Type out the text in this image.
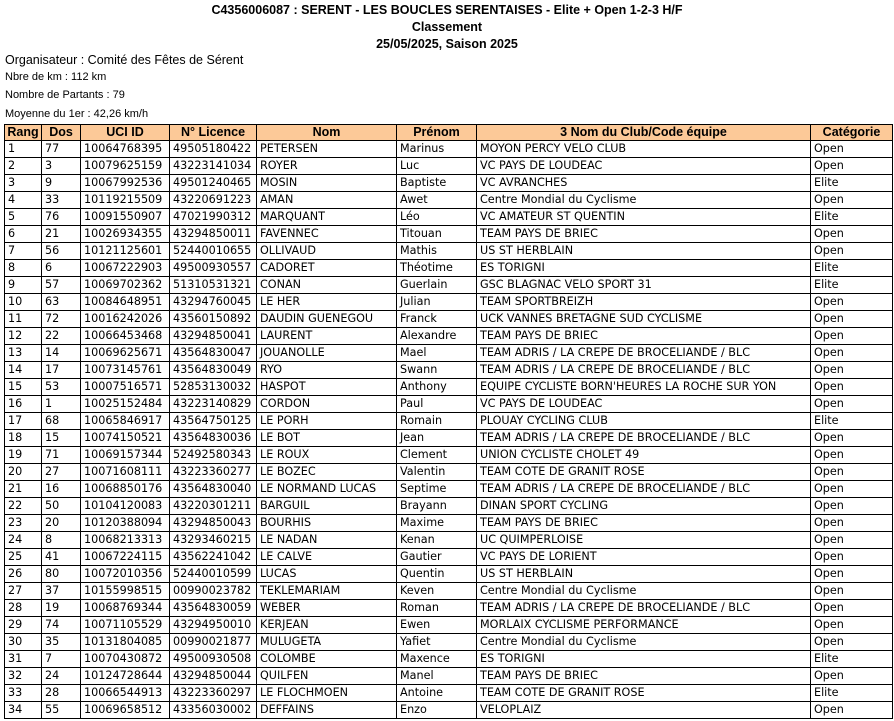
C4356006087 : SERENT - LES BOUCLES SERENTAISES - Elite + Open 1-2-3 H/F
Classement
25/05/2025, Saison 2025
Organisateur : Comité des Fêtes de Sérent
Nbre de km : 112 km
Nombre de Partants : 79
Moyenne du 1er : 42,26 km/h
Rang	Dos	UCI ID	N° Licence	Nom	Prénom	3 Nom du Club/Code équipe	Catégorie
1	77	10064768395	49505180422	PETERSEN	Marinus	MOYON PERCY VELO CLUB	Open
2	3	10079625159	43223141034	ROYER	Luc	VC PAYS DE LOUDEAC	Open
3	9	10067992536	49501240465	MOSIN	Baptiste	VC AVRANCHES	Elite
4	33	10119215509	43220691223	AMAN	Awet	Centre Mondial du Cyclisme	Open
5	76	10091550907	47021990312	MARQUANT	Léo	VC AMATEUR ST QUENTIN	Elite
6	21	10026934355	43294850011	FAVENNEC	Titouan	TEAM PAYS DE BRIEC	Open
7	56	10121125601	52440010655	OLLIVAUD	Mathis	US ST HERBLAIN	Open
8	6	10067222903	49500930557	CADORET	Théotime	ES TORIGNI	Elite
9	57	10069702362	51310531321	CONAN	Guerlain	GSC BLAGNAC VELO SPORT 31	Elite
10	63	10084648951	43294760045	LE HER	Julian	TEAM SPORTBREIZH	Open
11	72	10016242026	43560150892	DAUDIN GUENEGOU	Franck	UCK VANNES BRETAGNE SUD CYCLISME	Open
12	22	10066453468	43294850041	LAURENT	Alexandre	TEAM PAYS DE BRIEC	Open
13	14	10069625671	43564830047	JOUANOLLE	Mael	TEAM ADRIS / LA CREPE DE BROCELIANDE / BLC	Open
14	17	10073145761	43564830049	RYO	Swann	TEAM ADRIS / LA CREPE DE BROCELIANDE / BLC	Open
15	53	10007516571	52853130032	HASPOT	Anthony	EQUIPE CYCLISTE BORN'HEURES LA ROCHE SUR YON	Open
16	1	10025152484	43223140829	CORDON	Paul	VC PAYS DE LOUDEAC	Open
17	68	10065846917	43564750125	LE PORH	Romain	PLOUAY CYCLING CLUB	Elite
18	15	10074150521	43564830036	LE BOT	Jean	TEAM ADRIS / LA CREPE DE BROCELIANDE / BLC	Open
19	71	10069157344	52492580343	LE ROUX	Clement	UNION CYCLISTE CHOLET 49	Open
20	27	10071608111	43223360277	LE BOZEC	Valentin	TEAM COTE DE GRANIT ROSE	Open
21	16	10068850176	43564830040	LE NORMAND LUCAS	Septime	TEAM ADRIS / LA CREPE DE BROCELIANDE / BLC	Open
22	50	10104120083	43220301211	BARGUIL	Brayann	DINAN SPORT CYCLING	Open
23	20	10120388094	43294850043	BOURHIS	Maxime	TEAM PAYS DE BRIEC	Open
24	8	10068213313	43293460215	LE NADAN	Kenan	UC QUIMPERLOISE	Open
25	41	10067224115	43562241042	LE CALVE	Gautier	VC PAYS DE LORIENT	Open
26	80	10072010356	52440010599	LUCAS	Quentin	US ST HERBLAIN	Open
27	37	10155998515	00990023782	TEKLEMARIAM	Keven	Centre Mondial du Cyclisme	Open
28	19	10068769344	43564830059	WEBER	Roman	TEAM ADRIS / LA CREPE DE BROCELIANDE / BLC	Open
29	74	10071105529	43294950010	KERJEAN	Ewen	MORLAIX CYCLISME PERFORMANCE	Open
30	35	10131804085	00990021877	MULUGETA	Yafiet	Centre Mondial du Cyclisme	Open
31	7	10070430872	49500930508	COLOMBE	Maxence	ES TORIGNI	Elite
32	24	10124728644	43294850044	QUILFEN	Manel	TEAM PAYS DE BRIEC	Open
33	28	10066544913	43223360297	LE FLOCHMOEN	Antoine	TEAM COTE DE GRANIT ROSE	Elite
34	55	10069658512	43356030002	DEFFAINS	Enzo	VELOPLAIZ	Open
